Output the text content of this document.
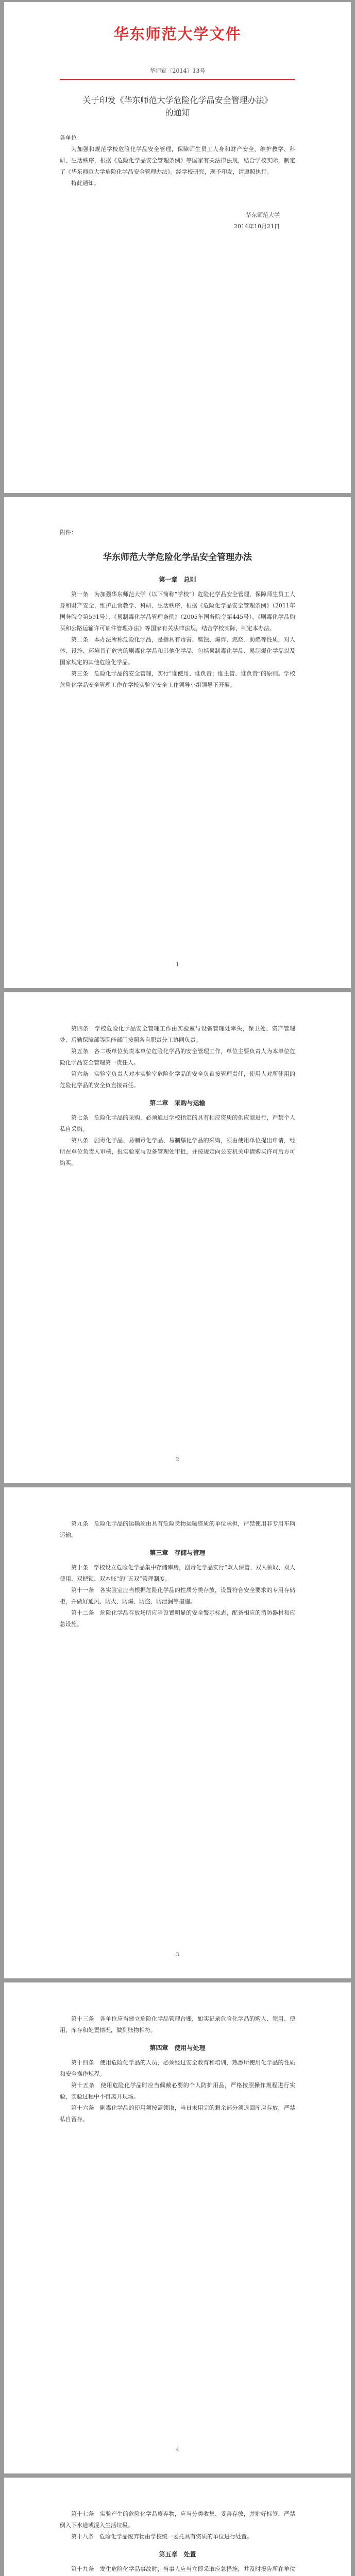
华东师范大学文件
华师宣〔2014〕13号
关于印发《华东师范大学危险化学品安全管理办法》的通知

各单位：

为加强和规范学校危险化学品安全管理，保障师生员工人身和财产安全，维护教学、科研、生活秩序，根据《危险化学品安全管理条例》等国家有关法律法规，结合学校实际，制定了《华东师范大学危险化学品安全管理办法》。经学校研究，现予印发，请遵照执行。

特此通知。

华东师范大学
2014年10月21日
附件：
华东师范大学危险化学品安全管理办法
第一章　总则

第一条　为加强华东师范大学（以下简称“学校”）危险化学品安全管理，保障师生员工人身和财产安全，维护正常教学、科研、生活秩序，根据《危险化学品安全管理条例》（2011年国务院令第591号）、《易制毒化学品管理条例》（2005年国务院令第445号）、《剧毒化学品购买和公路运输许可证件管理办法》等国家有关法律法规，结合学校实际，制定本办法。

第二条　本办法所称危险化学品，是指具有毒害、腐蚀、爆炸、燃烧、助燃等性质，对人体、设施、环境具有危害的剧毒化学品和其他化学品，包括易制毒化学品、易制爆化学品以及国家规定的其他危险化学品。

第三条　危险化学品的安全管理，实行“谁使用、谁负责；谁主管、谁负责”的原则。学校危险化学品安全管理工作在学校实验室安全工作领导小组领导下开展。

1

第四条　学校危险化学品安全管理工作由实验室与设备管理处牵头，保卫处、资产管理处、后勤保障部等职能部门按照各自职责分工协同负责。

第五条　各二级单位负责本单位危险化学品的安全管理工作，单位主要负责人为本单位危险化学品安全管理第一责任人。

第六条　实验室负责人对本实验室危险化学品的安全负直接管理责任，使用人对所使用的危险化学品的安全负直接责任。

第二章　采购与运输

第七条　危险化学品的采购，必须通过学校指定的具有相应资质的供应商进行，严禁个人私自采购。

第八条　剧毒化学品、易制毒化学品、易制爆化学品的采购，须由使用单位提出申请，经所在单位负责人审核，报实验室与设备管理处审批，并按规定向公安机关申请购买许可后方可购买。

2

第九条　危险化学品的运输须由具有危险货物运输资质的单位承担，严禁使用非专用车辆运输。

第三章　存储与管理

第十条　学校设立危险化学品集中存储库房，剧毒化学品实行“双人保管、双人领取、双人使用、双把锁、双本账”的“五双”管理制度。

第十一条　各实验室应当根据危险化学品的性质分类存放，设置符合安全要求的专用存储柜，并做好通风、防火、防爆、防盗、防泄漏等措施。

第十二条　危险化学品存放场所应当设置明显的安全警示标志，配备相应的消防器材和应急设施。

3

第十三条　各单位应当建立危险化学品管理台账，如实记录危险化学品的购入、领用、使用、库存和处置情况，做到账物相符。

第四章　使用与处理

第十四条　使用危险化学品的人员，必须经过安全教育和培训，熟悉所使用化学品的性质和安全操作规程。

第十五条　使用危险化学品时应当佩戴必要的个人防护用品，严格按照操作规程进行实验，实验过程中不得离开现场。

第十六条　剧毒化学品的使用须按需领取，当日未用完的剩余部分须退回库房存放，严禁私自留存。

4

第十七条　实验产生的危险化学品废弃物，应当分类收集、妥善存放，并贴好标签，严禁倒入下水道或混入生活垃圾。

第十八条　危险化学品废弃物由学校统一委托具有资质的单位进行处置。

第五章　处置

第十九条　发生危险化学品事故时，当事人应当立即采取应急措施，并及时报告所在单位
